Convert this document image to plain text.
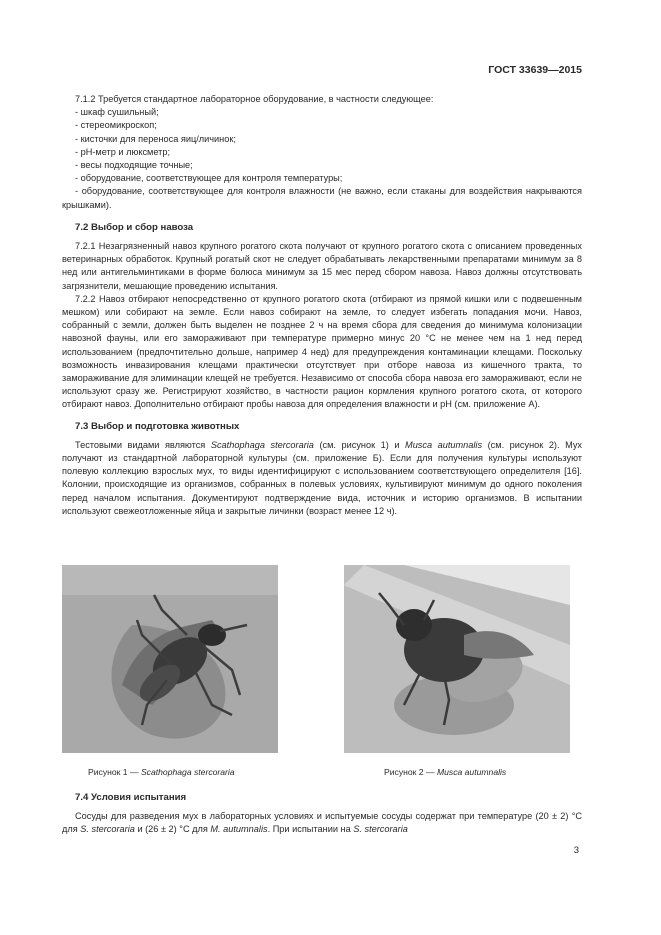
ГОСТ 33639—2015

7.1.2 Требуется стандартное лабораторное оборудование, в частности следующее:

- шкаф сушильный;

- стереомикроскоп;

- кисточки для переноса яиц/личинок;

- рН-метр и люксметр;

- весы подходящие точные;

- оборудование, соответствующее для контроля температуры;

- оборудование, соответствующее для контроля влажности (не важно, если стаканы для воздействия накрываются крышками).

7.2 Выбор и сбор навоза

7.2.1 Незагрязненный навоз крупного рогатого скота получают от крупного рогатого скота с описанием проведенных ветеринарных обработок. Крупный рогатый скот не следует обрабатывать лекарственными препаратами минимум за 8 нед или антигельминтиками в форме болюса минимум за 15 мес перед сбором навоза. Навоз должны отсутствовать загрязнители, мешающие проведению испытания.

7.2.2 Навоз отбирают непосредственно от крупного рогатого скота (отбирают из прямой кишки или с подвешенным мешком) или собирают на земле. Если навоз собирают на земле, то следует избегать попадания мочи. Навоз, собранный с земли, должен быть выделен не позднее 2 ч на время сбора для сведения до минимума колонизации навозной фауны, или его замораживают при температуре примерно минус 20 °С не менее чем на 1 нед перед использованием (предпочтительно дольше, например 4 нед) для предупреждения контаминации клещами. Поскольку возможность инвазирования клещами практически отсутствует при отборе навоза из кишечного тракта, то замораживание для элиминации клещей не требуется. Независимо от способа сбора навоза его замораживают, если не используют сразу же. Регистрируют хозяйство, в частности рацион кормления крупного рогатого скота, от которого отбирают навоз. Дополнительно отбирают пробы навоза для определения влажности и рН (см. приложение А).

7.3 Выбор и подготовка животных

Тестовыми видами являются Scathophaga stercoraria (см. рисунок 1) и Musca autumnalis (см. рисунок 2). Мух получают из стандартной лабораторной культуры (см. приложение Б). Если для получения культуры используют полевую коллекцию взрослых мух, то виды идентифицируют с использованием соответствующего определителя [16]. Колонии, происходящие из организмов, собранных в полевых условиях, культивируют минимум до одного поколения перед началом испытания. Документируют подтверждение вида, источник и историю организмов. В испытании используют свежеотложенные яйца и закрытые личинки (возраст менее 12 ч).

Рисунок 1 — Scathophaga stercoraria	Рисунок 2 — Musca autumnalis
7.4 Условия испытания

Сосуды для разведения мух в лабораторных условиях и испытуемые сосуды содержат при температуре (20 ± 2) °С для S. stercoraria и (26 ± 2) °С для M. autumnalis. При испытании на S. stercoraria

3
